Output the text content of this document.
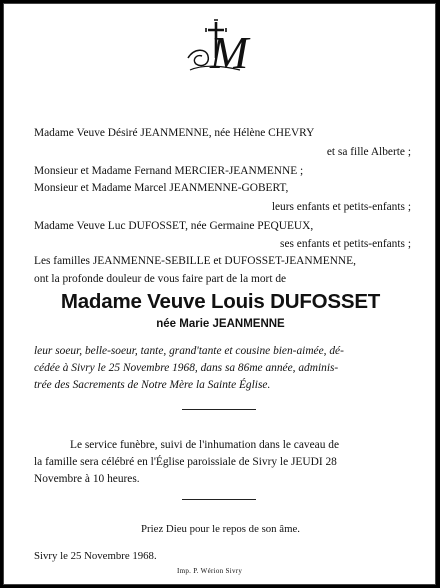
M
Madame Veuve Désiré JEANMENNE, née Hélène CHEVRY
et sa fille Alberte ;
Monsieur et Madame Fernand MERCIER-JEANMENNE ;
Monsieur et Madame Marcel JEANMENNE-GOBERT,
leurs enfants et petits-enfants ;
Madame Veuve Luc DUFOSSET, née Germaine PEQUEUX,
ses enfants et petits-enfants ;
Les familles JEANMENNE-SEBILLE et DUFOSSET-JEANMENNE,
ont la profonde douleur de vous faire part de la mort de
Madame Veuve Louis DUFOSSET
née Marie JEANMENNE
leur soeur, belle-soeur, tante, grand'tante et cousine bien-aimée, dé-
cédée à Sivry le 25 Novembre 1968, dans sa 86me année, adminis-
trée des Sacrements de Notre Mère la Sainte Église.
Le service funèbre, suivi de l'inhumation dans le caveau de
la famille sera célébré en l'Église paroissiale de Sivry le JEUDI 28
Novembre à 10 heures.
Priez Dieu pour le repos de son âme.
Sivry le 25 Novembre 1968.
Imp. P. Wérion Sivry
